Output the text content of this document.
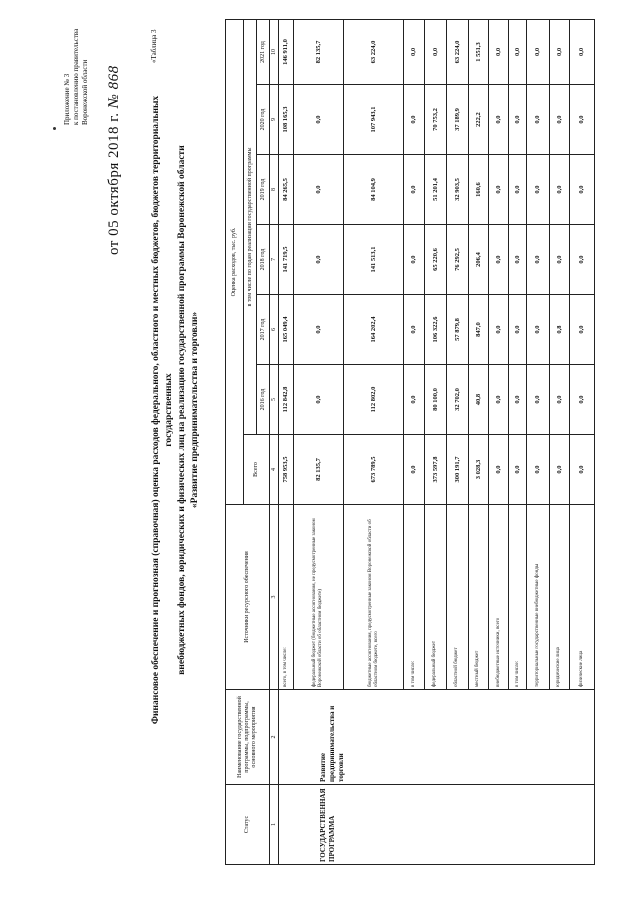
Приложение № 3 к постановлению правительства Воронежской области
от 05 октября 2018 г. № 868
«Таблица 3
Финансовое обеспечение и прогнозная (справочная) оценка расходов федерального, областного и местных бюджетов, бюджетов территориальных государственных внебюджетных фондов, юридических и физических лиц на реализацию государственной программы Воронежской области «Развитие предпринимательства и торговли»
Статус	Наименование государственной программы, подпрограммы, основного мероприятия	Источники ресурсного обеспечения	Оценка расходов, тыс. руб.						
			Всего	в том числе по годам реализации государственной программы					
				2016 год	2017 год	2018 год	2019 год	2020 год	2021 год
1	2	3	4	5	6	7	8	9	10
ГОСУДАРСТВЕННАЯ ПРОГРАММА	Развитие предпринимательства и торговли	всего, в том числе:	758 953,5	112 842,8	165 049,4	141 719,5	84 265,5	108 165,3	146 911,0
		федеральный бюджет (бюджетные ассигнования, не предусмотренные законом Воронежской области об областном бюджете)	82 135,7	0,0	0,0	0,0	0,0	0,0	82 135,7
		бюджетные ассигнования, предусмотренные законом Воронежской области об областном бюджете, всего	673 789,5	112 802,0	164 202,4	141 513,1	84 104,9	107 943,1	63 224,0
		в том числе:	0,0	0,0	0,0	0,0	0,0	0,0	0,0
		федеральный бюджет	373 597,8	80 100,0	106 322,6	65 220,6	51 201,4	70 753,2	0,0
		областной бюджет	300 191,7	32 702,0	57 879,8	76 292,5	32 903,5	37 189,9	63 224,0
		местный бюджет	3 028,3	40,8	847,0	206,4	160,6	222,2	1 551,3
		внебюджетные источники, всего	0,0	0,0	0,0	0,0	0,0	0,0	0,0
		в том числе:	0,0	0,0	0,0	0,0	0,0	0,0	0,0
		территориальные государственные внебюджетные фонды	0,0	0,0	0,0	0,0	0,0	0,0	0,0
		юридические лица	0,0	0,0	0,8	0,0	0,0	0,0	0,0
		физические лица	0,0	0,0	0,0	0,0	0,0	0,0	0,0
